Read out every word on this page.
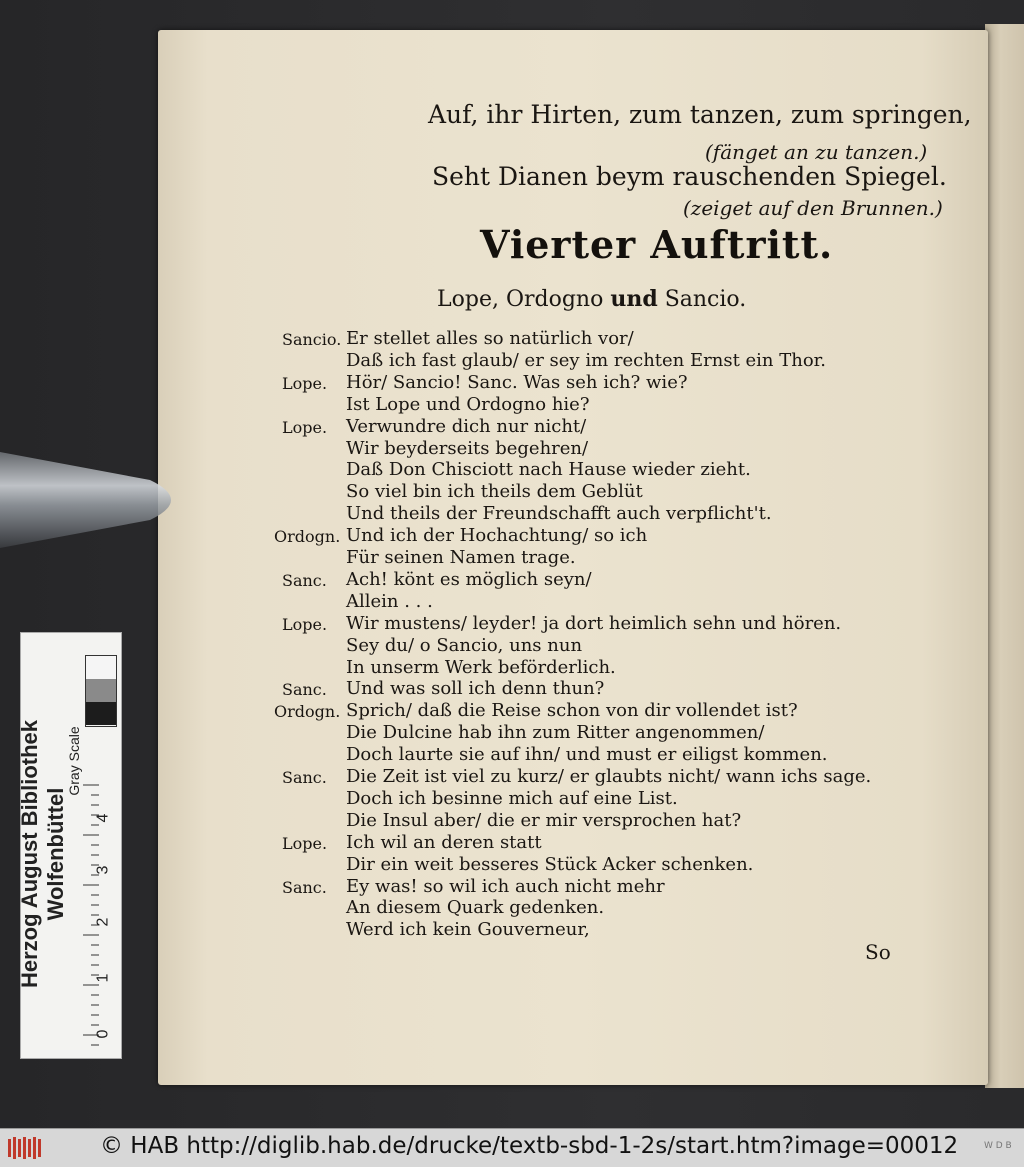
Auf, ihr Hirten, zum tanzen, zum springen,
(fänget an zu tanzen.)
Seht Dianen beym rauschenden Spiegel.
(zeiget auf den Brunnen.)
Vierter Auftritt.
Lope, Ordogno und Sancio.
Sancio. Er stellet alles so natürlich vor/
Daß ich fast glaub/ er sey im rechten Ernst ein Thor.
Lope. Hör/ Sancio! Sanc. Was seh ich? wie?
Ist Lope und Ordogno hie?
Lope. Verwundre dich nur nicht/
Wir beyderseits begehren/
Daß Don Chisciott nach Hause wieder zieht.
So viel bin ich theils dem Geblüt
Und theils der Freundschafft auch verpflicht't.
Ordogn. Und ich der Hochachtung/ so ich
Für seinen Namen trage.
Sanc. Ach! könt es möglich seyn/
Allein . . .
Lope. Wir mustens/ leyder! ja dort heimlich sehn und hören.
Sey du/ o Sancio, uns nun
In unserm Werk beförderlich.
Sanc. Und was soll ich denn thun?
Ordogn. Sprich/ daß die Reise schon von dir vollendet ist?
Die Dulcine hab ihn zum Ritter angenommen/
Doch laurte sie auf ihn/ und must er eiligst kommen.
Sanc. Die Zeit ist viel zu kurz/ er glaubts nicht/ wann ichs sage.
Doch ich besinne mich auf eine List.
Die Insul aber/ die er mir versprochen hat?
Lope. Ich wil an deren statt
Dir ein weit besseres Stück Acker schenken.
Sanc. Ey was! so wil ich auch nicht mehr
An diesem Quark gedenken.
Werd ich kein Gouverneur,
So
Herzog August Bibliothek Wolfenbüttel
Gray Scale
0
1
2
3
4
© HAB http://diglib.hab.de/drucke/textb-sbd-1-2s/start.htm?image=00012	W D B
